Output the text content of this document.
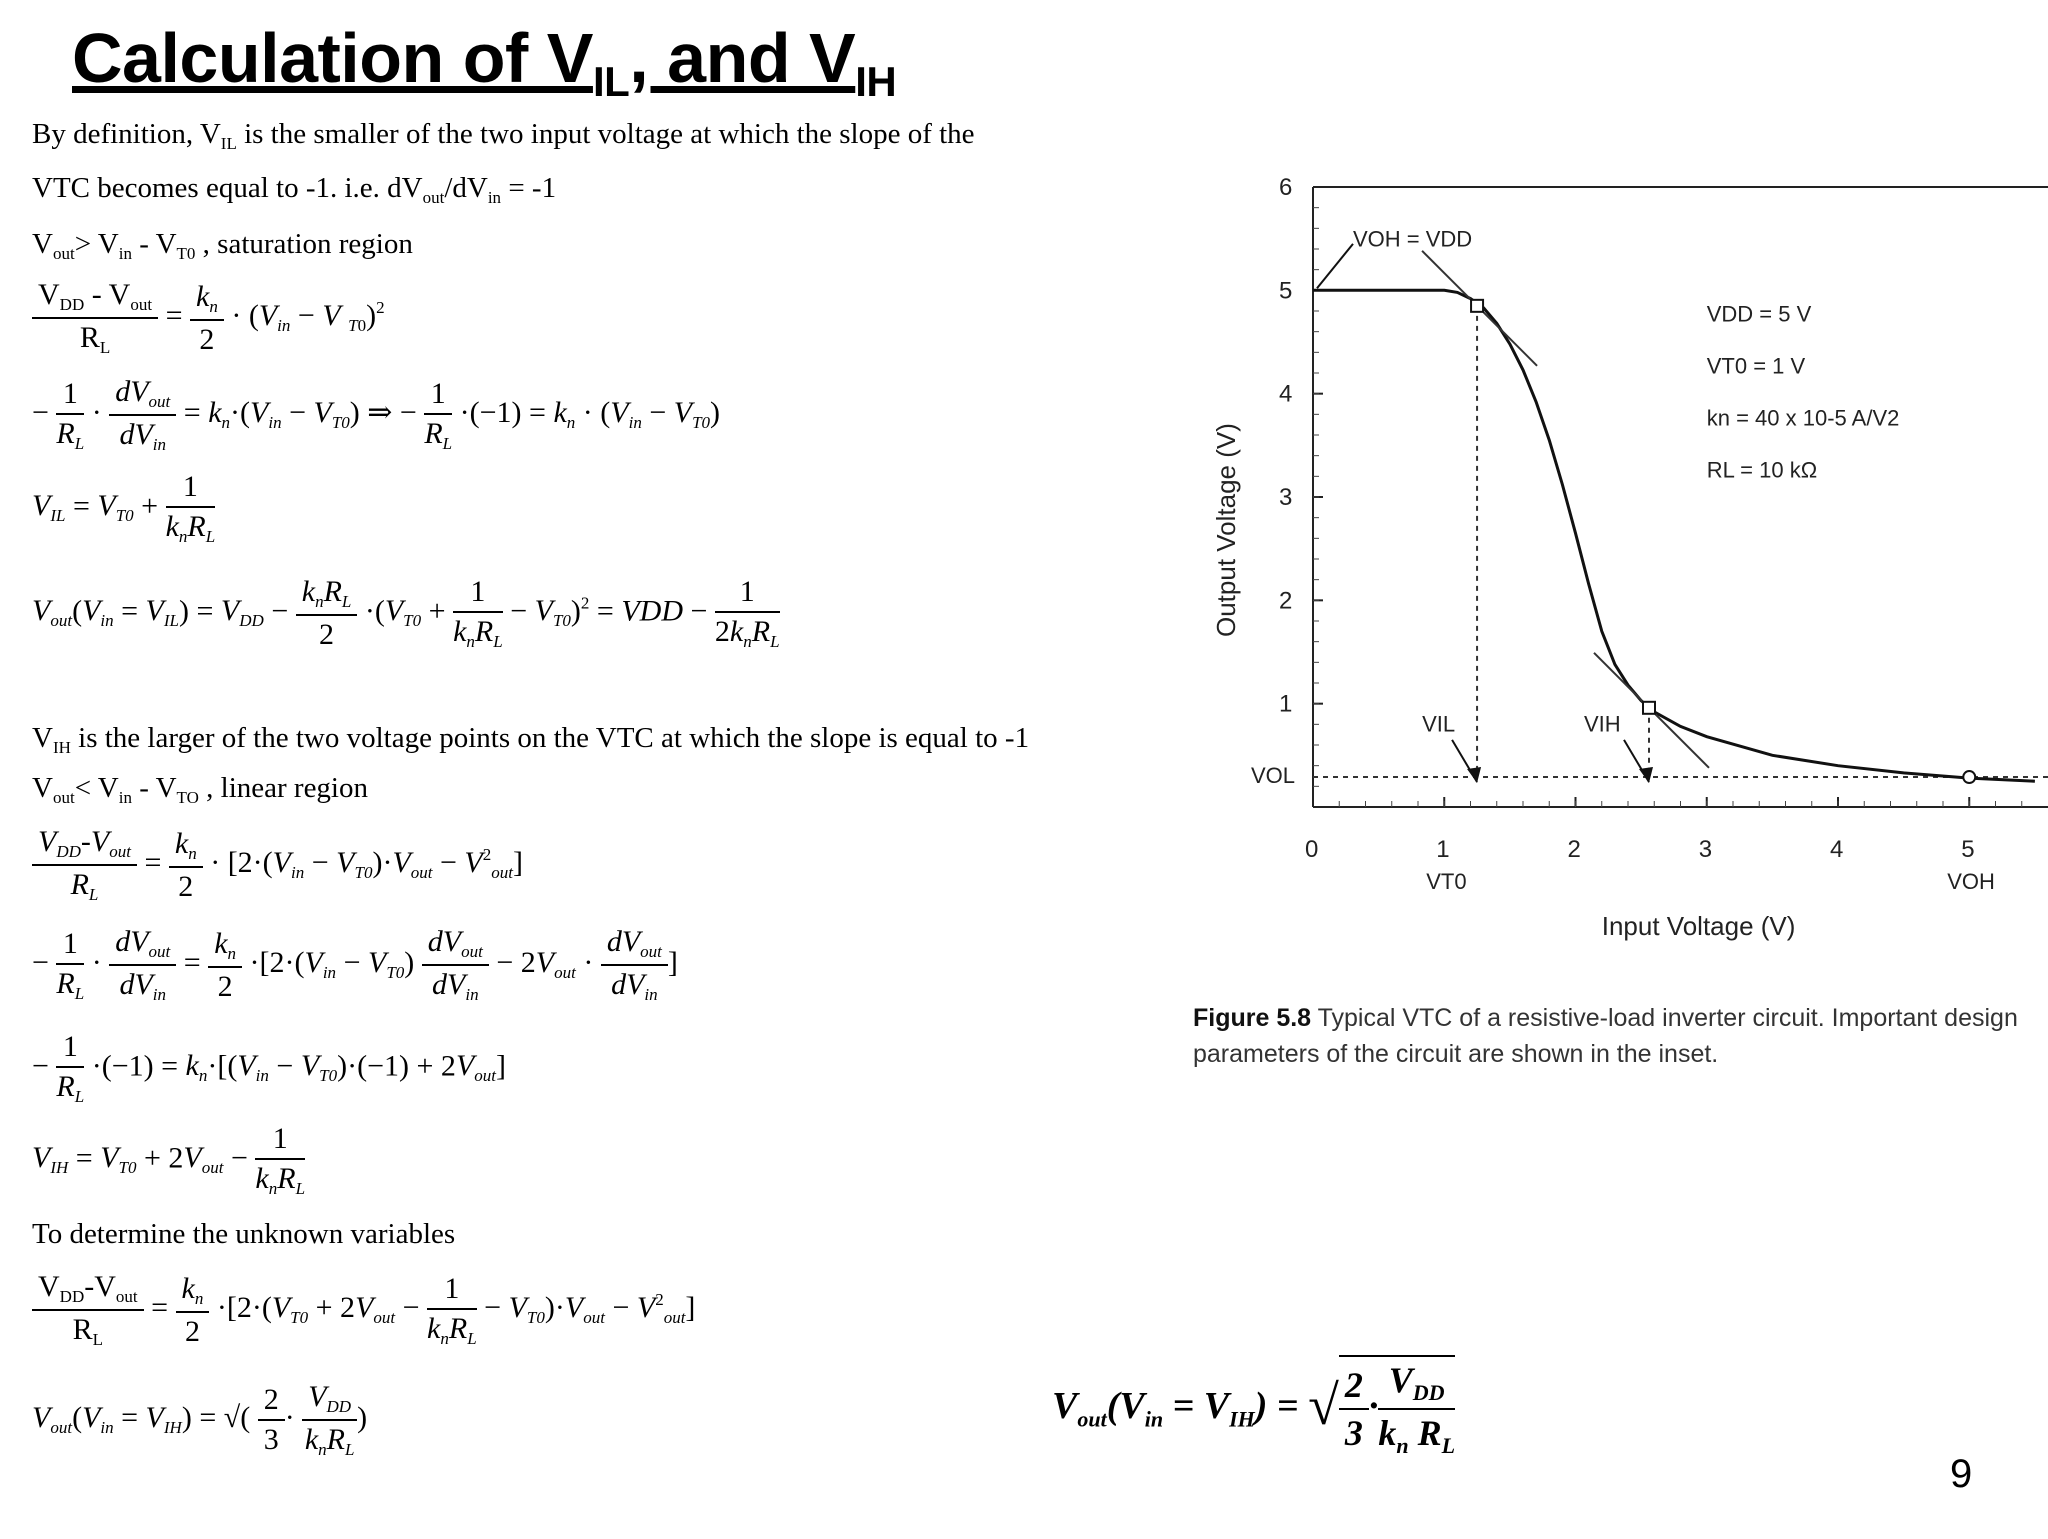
Calculation of $V_{IL}$, and $V_{IH}$
By definition, $V_{IL}$ is the smaller of the two input voltage at which the slope of the
VTC becomes equal to -1. i.e. $dV_{out}/dV_{in} = -1$
$V_{out}> V_{in} - V_{T0}$ , saturation region
$\frac{V_{DD} - V_{out}}{R_L} = \frac{k_n}{2} \cdot (V_{in} - V$ $_{T0}$)$^2$
− $\frac{1}{R_L} \cdot \frac{dV_{out}}{dV_{in}} = k_n\cdot(V_{in} - V_{T0})$ ⇒ − $\frac{1}{R_L} \cdot(-1) = k_n \cdot (V_{in} - V_{T0})$
$V_{IL} = V_{T0} + \frac{1}{k_nR_L}$
$V_{out}(V_{in} = V_{IL}) = V_{DD} - \frac{k_nR_L}{2} \cdot(V_{T0} + \frac{1}{k_nR_L} - V_{T0})^2$ = VDD − $\frac{1}{2k_nR_L}$
$V_{IH}$ is the larger of the two voltage points on the VTC at which the slope is equal to -1
$V_{out}< V_{in} - V_{TO}$ , linear region
$\frac{V_{DD}-V_{out}}{R_L} = \frac{k_n}{2} \cdot [2\cdot(V_{in} - V_{T0})\cdot V_{out} - V^2_{out}]$
− $\frac{1}{R_L} \cdot \frac{dV_{out}}{dV_{in}} = \frac{k_n}{2} \cdot[2\cdot(V_{in} - V_{T0}) \frac{dV_{out}}{dV_{in}} - 2V_{out} \cdot \frac{dV_{out}}{dV_{in}}$ ]
− $\frac{1}{R_L} \cdot(-1) = k_n\cdot[(V_{in} - V_{T0})\cdot(-1) + 2V_{out}]$
$V_{IH} = V_{T0} + 2V_{out} - \frac{1}{k_nR_L}$
To determine the unknown variables
$\frac{V_{DD}-V_{out}}{R_L} = \frac{k_n}{2} \cdot[2\cdot(V_{T0} + 2V_{out} - \frac{1}{k_nR_L} - V_{T0})\cdot V_{out} - V^2_{out}]$
$V_{out}(V_{in} = V_{IH})$ = √( $\frac{2}{3} \cdot \frac{V_{DD}}{k_nR_L}$ )	$V_{out}(V_{in} = V_{IH})$ = √ $\frac{2}{3} \cdot \frac{V_{DD}}{k_n R_L}$
1
2
3
4
5
6
0	1	2	3	4	5
Output Voltage (V)
Input Voltage (V)
VT0	VOH
VOL
VIL	VIH
VOH = VDD
VDD = 5 V
VT0 = 1 V
kn = 40 x 10-5 A/V2
RL = 10 kΩ
Figure 5.8 Typical VTC of a resistive-load inverter circuit. Important design parameters of the circuit are shown in the inset.
9
